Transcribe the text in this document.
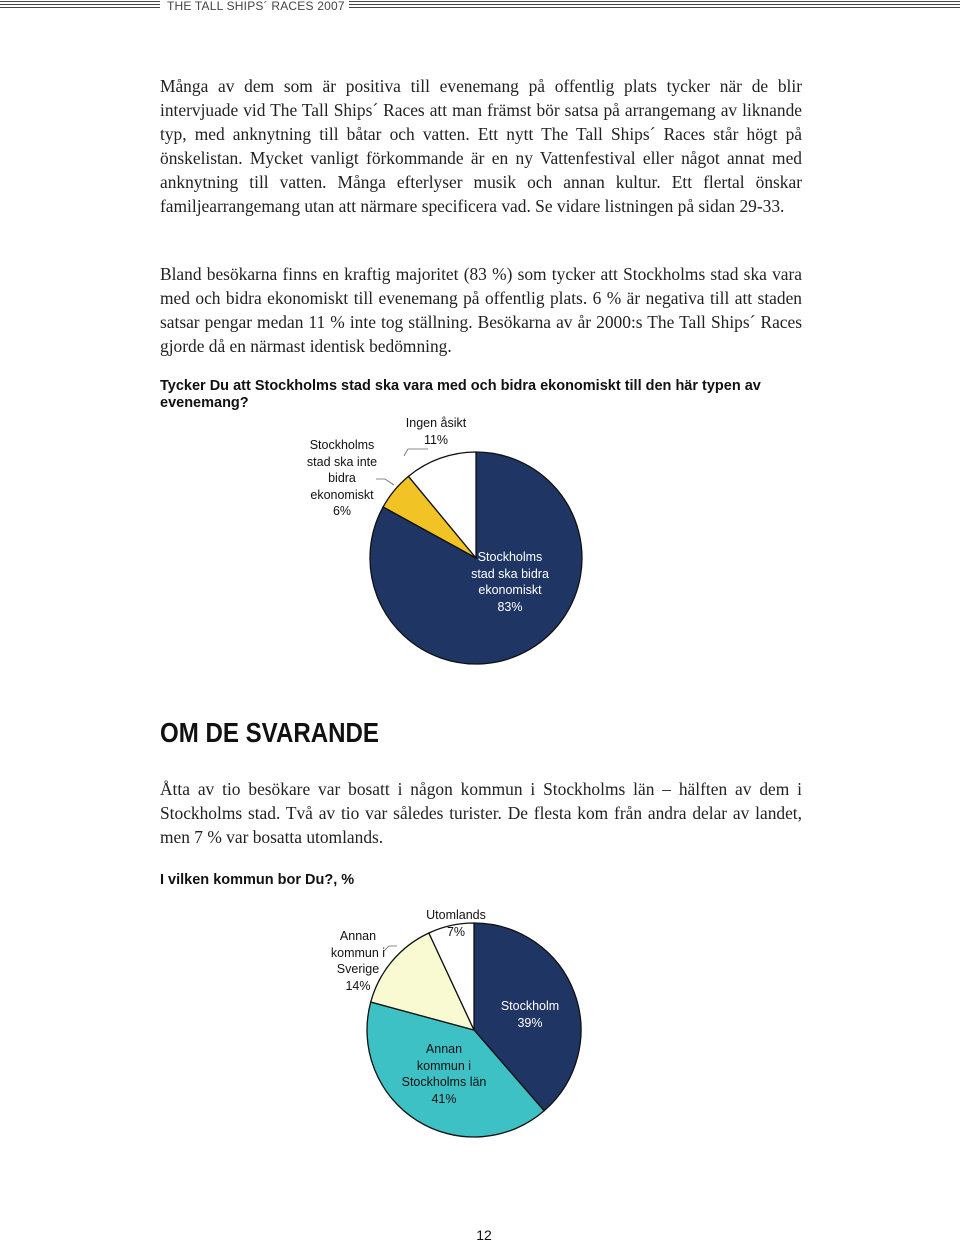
THE TALL SHIPS´ RACES 2007

Många av dem som är positiva till evenemang på offentlig plats tycker när de blir intervjuade vid The Tall Ships´ Races att man främst bör satsa på arrangemang av liknande typ, med anknytning till båtar och vatten. Ett nytt The Tall Ships´ Races står högt på önskelistan. Mycket vanligt förkommande är en ny Vattenfestival eller något annat med anknytning till vatten. Många efterlyser musik och annan kultur. Ett flertal önskar familjearrangemang utan att närmare specificera vad. Se vidare listningen på sidan 29-33.

Bland besökarna finns en kraftig majoritet (83 %) som tycker att Stockholms stad ska vara med och bidra ekonomiskt till evenemang på offentlig plats. 6 % är negativa till att staden satsar pengar medan 11 % inte tog ställning. Besökarna av år 2000:s The Tall Ships´ Races gjorde då en närmast identisk bedömning.

Tycker Du att Stockholms stad ska vara med och bidra ekonomiskt till den här typen av evenemang?

OM DE SVARANDE

Åtta av tio besökare var bosatt i någon kommun i Stockholms län – hälften av dem i Stockholms stad. Två av tio var således turister. De flesta kom från andra delar av landet, men 7 % var bosatta utomlands.

I vilken kommun bor Du?, %

Ingen åsikt
11%
Stockholms
stad ska inte
bidra
ekonomiskt
6%
Stockholms
stad ska bidra
ekonomiskt
83%
Utomlands
7%
Annan
kommun i
Sverige
14%
Stockholm
39%
Annan
kommun i
Stockholms län
41%
12
